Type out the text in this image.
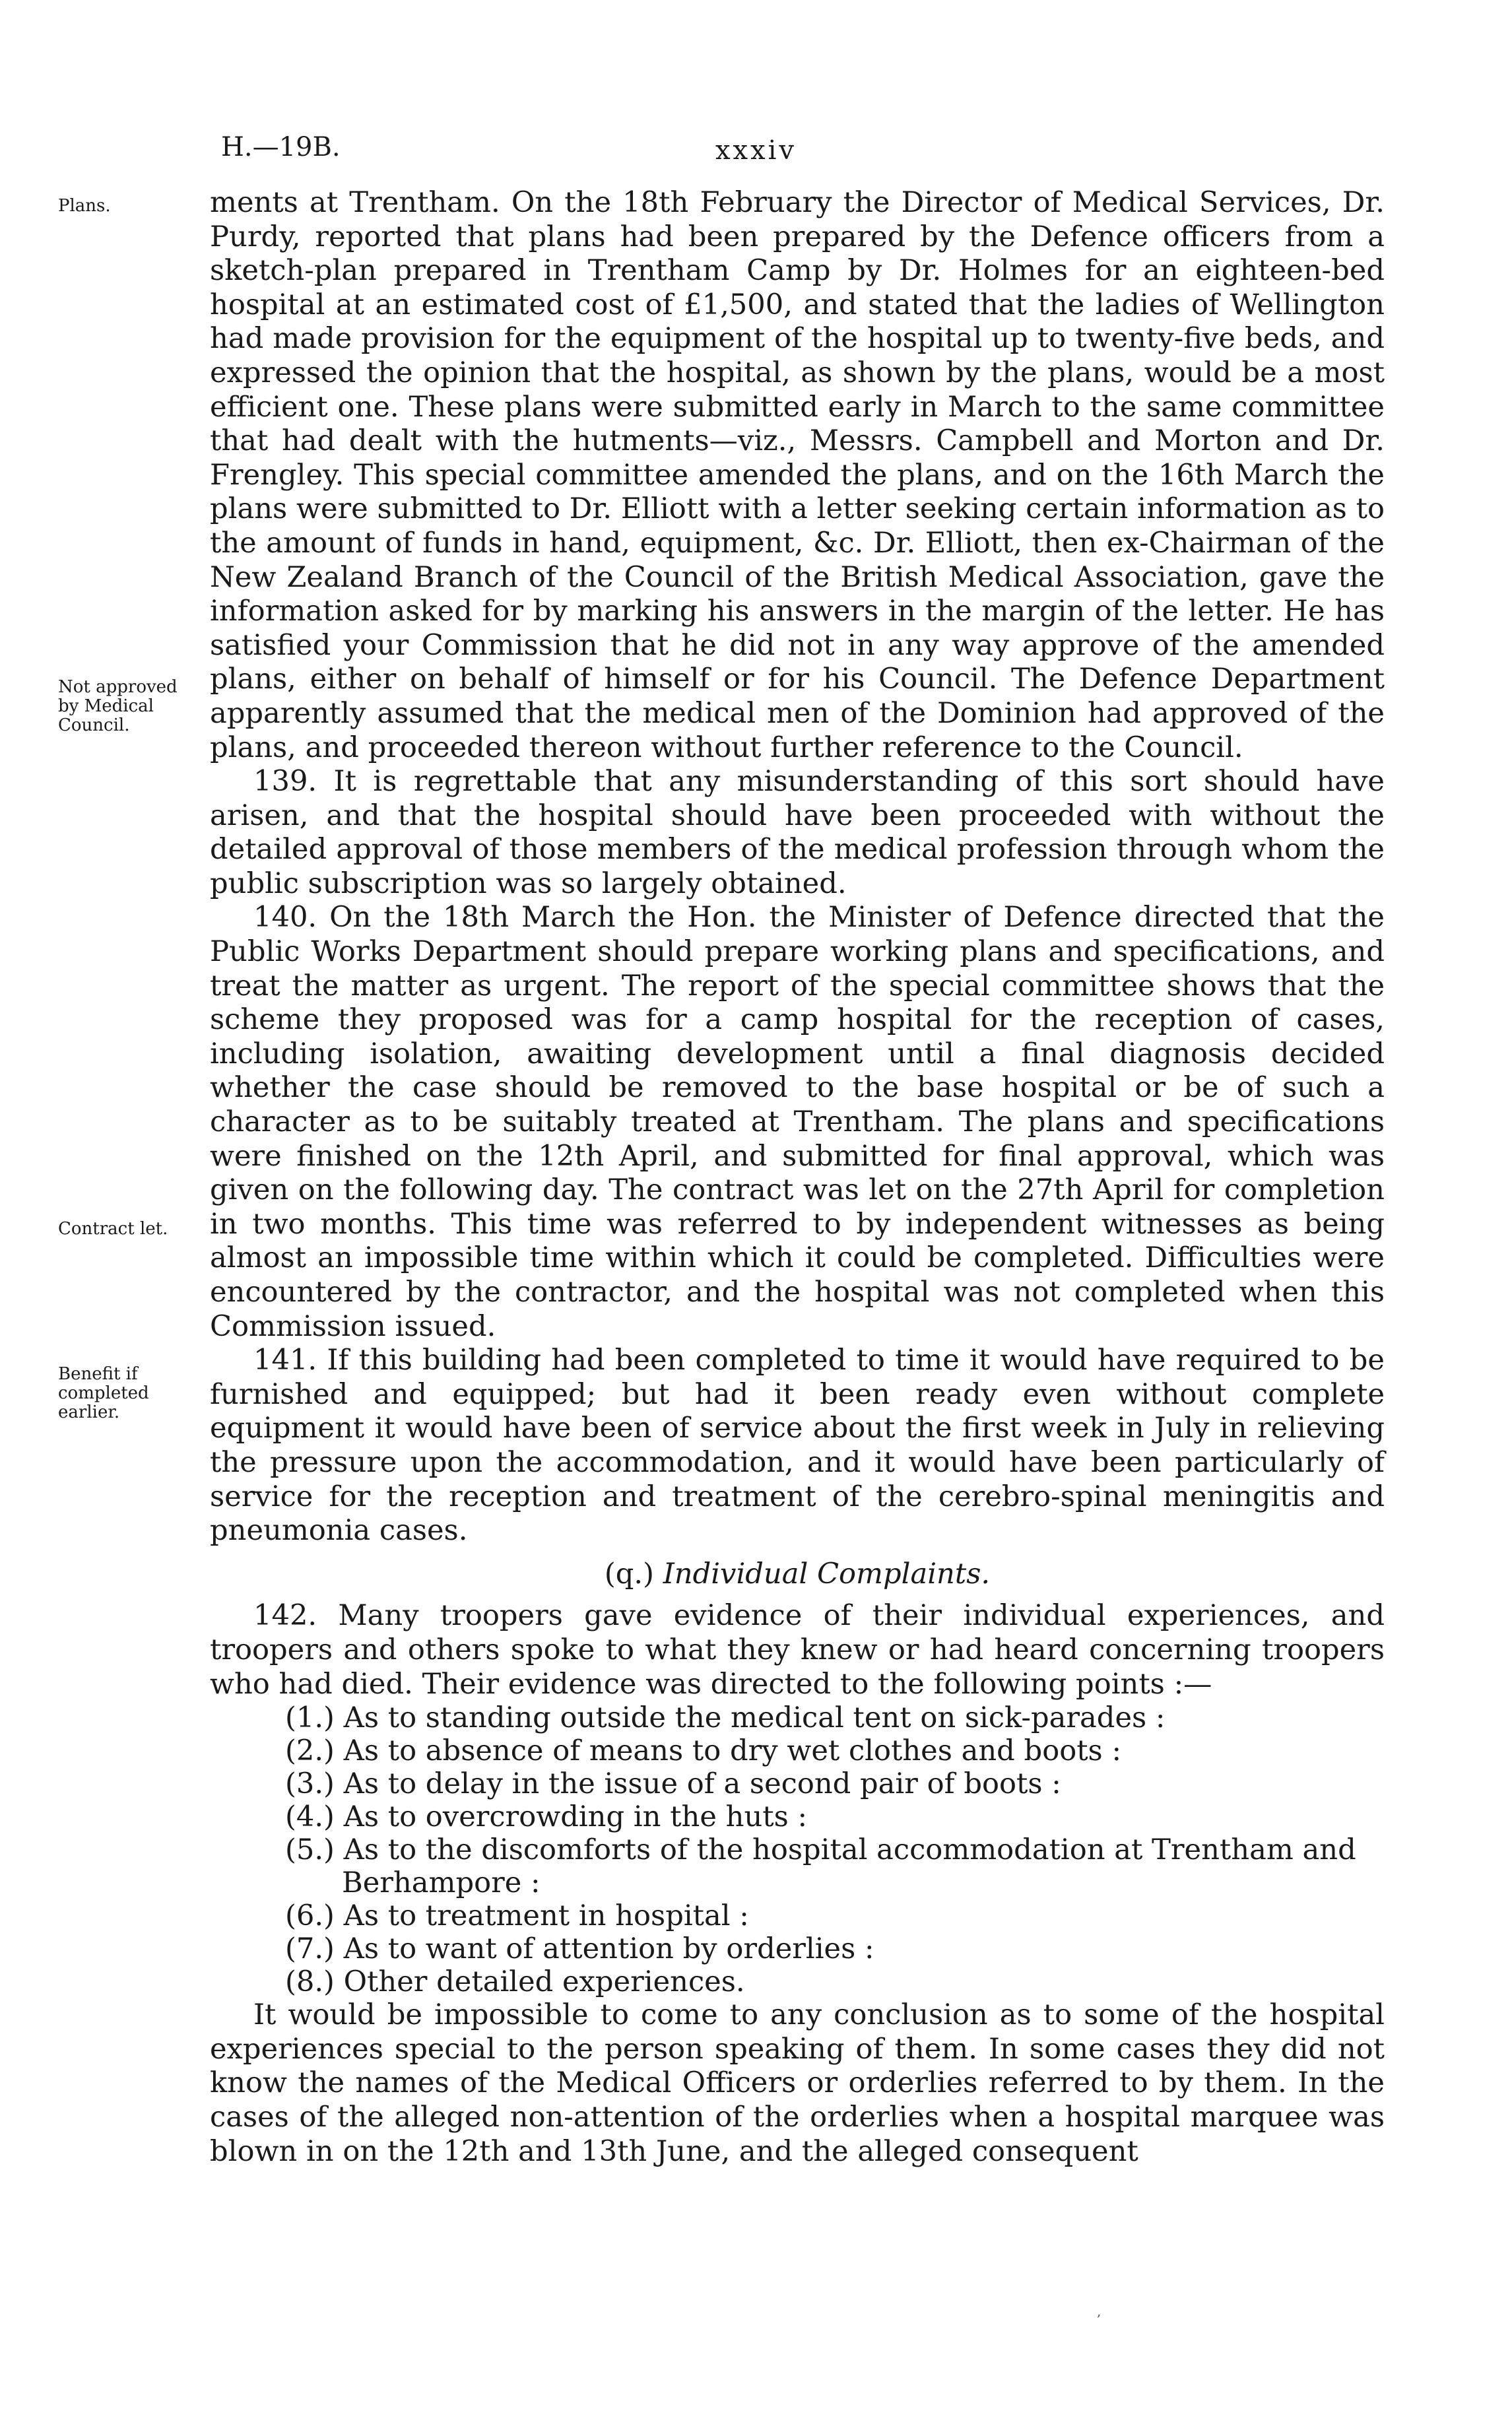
H.—19B.	xxxiv
Plans.
Not approved by Medical Council.
Contract let.
Benefit if completed earlier.

ments at Trentham. On the 18th February the Director of Medical Services, Dr. Purdy, reported that plans had been prepared by the Defence officers from a sketch-plan prepared in Trentham Camp by Dr. Holmes for an eighteen-bed hospital at an estimated cost of £1,500, and stated that the ladies of Wellington had made provision for the equipment of the hospital up to twenty-five beds, and expressed the opinion that the hospital, as shown by the plans, would be a most efficient one. These plans were submitted early in March to the same committee that had dealt with the hutments—viz., Messrs. Campbell and Morton and Dr. Frengley. This special committee amended the plans, and on the 16th March the plans were submitted to Dr. Elliott with a letter seeking certain information as to the amount of funds in hand, equipment, &c. Dr. Elliott, then ex-Chairman of the New Zealand Branch of the Council of the British Medical Association, gave the information asked for by marking his answers in the margin of the letter. He has satisfied your Commission that he did not in any way approve of the amended plans, either on behalf of himself or for his Council. The Defence Department apparently assumed that the medical men of the Dominion had approved of the plans, and proceeded thereon without further reference to the Council.

139. It is regrettable that any misunderstanding of this sort should have arisen, and that the hospital should have been proceeded with without the detailed approval of those members of the medical profession through whom the public subscription was so largely obtained.

140. On the 18th March the Hon. the Minister of Defence directed that the Public Works Department should prepare working plans and specifications, and treat the matter as urgent. The report of the special committee shows that the scheme they proposed was for a camp hospital for the reception of cases, including isolation, awaiting development until a final diagnosis decided whether the case should be removed to the base hospital or be of such a character as to be suitably treated at Trentham. The plans and specifications were finished on the 12th April, and submitted for final approval, which was given on the following day. The contract was let on the 27th April for completion in two months. This time was referred to by independent witnesses as being almost an impossible time within which it could be completed. Difficulties were encountered by the contractor, and the hospital was not completed when this Commission issued.

141. If this building had been completed to time it would have required to be furnished and equipped; but had it been ready even without complete equipment it would have been of service about the first week in July in relieving the pressure upon the accommodation, and it would have been particularly of service for the reception and treatment of the cerebro-spinal meningitis and pneumonia cases.

(q.) Individual Complaints.

142. Many troopers gave evidence of their individual experiences, and troopers and others spoke to what they knew or had heard concerning troopers who had died. Their evidence was directed to the following points :—

(1.) As to standing outside the medical tent on sick-parades :
(2.) As to absence of means to dry wet clothes and boots :
(3.) As to delay in the issue of a second pair of boots :
(4.) As to overcrowding in the huts :
(5.) As to the discomforts of the hospital accommodation at Trentham and Berhampore :
(6.) As to treatment in hospital :
(7.) As to want of attention by orderlies :
(8.) Other detailed experiences.

It would be impossible to come to any conclusion as to some of the hospital experiences special to the person speaking of them. In some cases they did not know the names of the Medical Officers or orderlies referred to by them. In the cases of the alleged non-attention of the orderlies when a hospital marquee was blown in on the 12th and 13th June, and the alleged consequent

,
